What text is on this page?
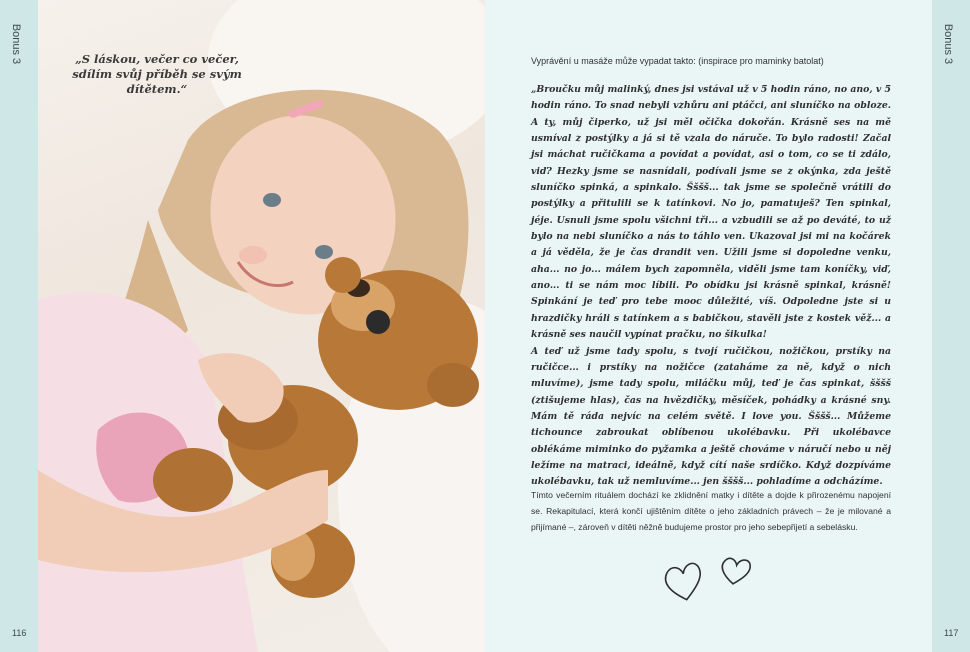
Bonus 3
116
„S láskou, večer co večer, sdílím svůj příběh se svým dítětem.“
Vyprávění u masáže může vypadat takto: (inspirace pro maminky batolat)

„Broučku můj malinký, dnes jsi vstával už v 5 hodin ráno, no ano, v 5 hodin ráno. To snad nebyli vzhůru ani ptáčci, ani sluníčko na obloze. A ty, můj čiperko, už jsi měl očička dokořán. Krásně ses na mě usmíval z postýlky a já si tě vzala do náruče. To bylo radosti! Začal jsi máchat ručičkama a povídat a povídat, asi o tom, co se ti zdálo, viď? Hezky jsme se nasnídali, podívali jsme se z okýnka, zda ještě sluníčko spinká, a spinkalo. Šššš... tak jsme se společně vrátili do postýlky a přitulili se k tatínkovi. No jo, pamatuješ? Ten spinkal, jéje. Usnuli jsme spolu všichni tři... a vzbudili se až po deváté, to už bylo na nebi sluníčko a nás to táhlo ven. Ukazoval jsi mi na kočárek a já věděla, že je čas drandit ven. Užili jsme si dopoledne venku, aha... no jo... málem bych zapomněla, viděli jsme tam koníčky, viď, ano... ti se nám moc líbili. Po obídku jsi krásně spinkal, krásně! Spinkání je teď pro tebe mooc důležité, víš. Odpoledne jste si u hrazdičky hráli s tatínkem a s babičkou, stavěli jste z kostek věž... a krásně ses naučil vypínat pračku, no šikulka!

A teď už jsme tady spolu, s tvojí ručičkou, nožičkou, prstíky na ručičce... i prstíky na nožičce (zataháme za ně, když o nich mluvíme), jsme tady spolu, miláčku můj, teď je čas spinkat, šššš (ztišujeme hlas), čas na hvězdičky, měsíček, pohádky a krásné sny. Mám tě ráda nejvíc na celém světě. I love you. Šššš... Můžeme tichounce zabroukat oblíbenou ukolébavku. Při ukolébavce oblékáme miminko do pyžamka a ještě chováme v náručí nebo u něj ležíme na matraci, ideálně, když cítí naše srdíčko. Když dozpíváme ukolébavku, tak už nemluvíme... jen šššš... pohladíme a odcházíme.

Tímto večerním rituálem dochází ke zklidnění matky i dítěte a dojde k přirozenému napojení se. Rekapitulací, která končí ujištěním dítěte o jeho základních právech – že je milované a přijímané –, zároveň v dítěti něžně budujeme prostor pro jeho sebepřijetí a sebelásku.
Bonus 3
117
